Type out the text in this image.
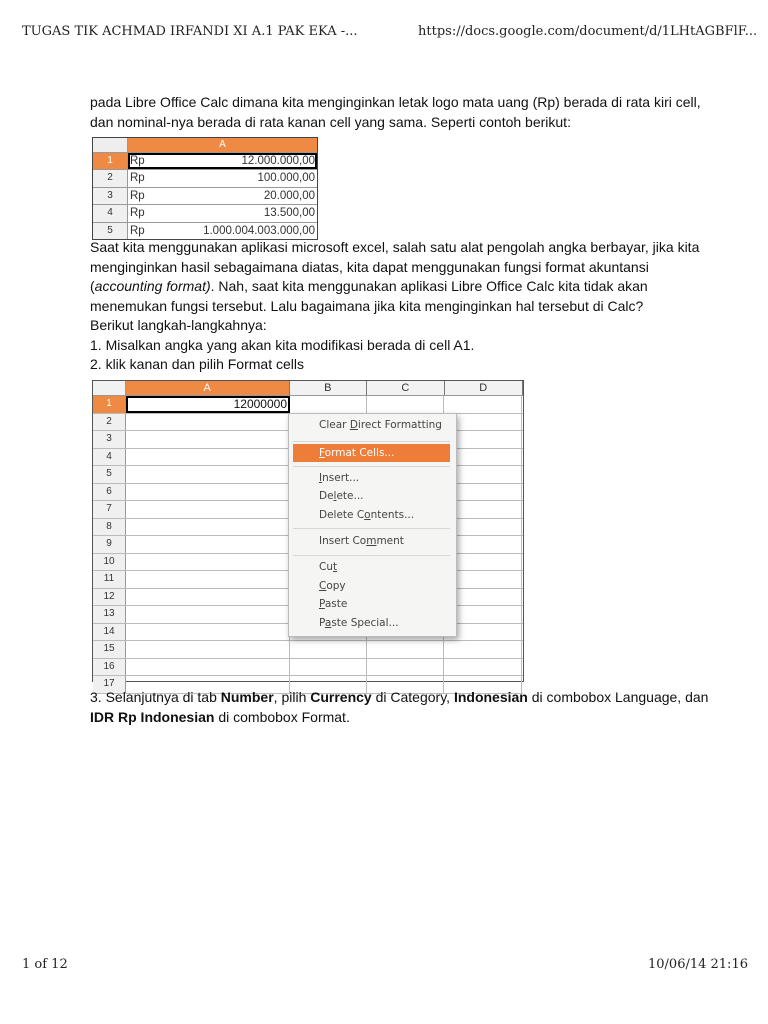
TUGAS TIK ACHMAD IRFANDI XI A.1 PAK EKA -...	https://docs.google.com/document/d/1LHtAGBFlF...

pada Libre Office Calc dimana kita menginginkan letak logo mata uang (Rp) berada di rata kiri cell, dan nominal-nya berada di rata kanan cell yang sama. Seperti contoh berikut:

A
1	Rp	12.000.000,00
2	Rp	100.000,00
3	Rp	20.000,00
4	Rp	13.500,00
5	Rp	1.000.004.003.000,00

Saat kita menggunakan aplikasi microsoft excel, salah satu alat pengolah angka berbayar, jika kita menginginkan hasil sebagaimana diatas, kita dapat menggunakan fungsi format akuntansi (accounting format). Nah, saat kita menggunakan aplikasi Libre Office Calc kita tidak akan menemukan fungsi tersebut. Lalu bagaimana jika kita menginginkan hal tersebut di Calc?

Berikut langkah-langkahnya:

1. Misalkan angka yang akan kita modifikasi berada di cell A1.

2. klik kanan dan pilih Format cells

A	B	C	D
1	12000000
2
3
4
5
6
7
8
9
10
11
12
13
14
15
16
17
Clear Direct Formatting
Format Cells...
Insert...
Delete...
Delete Contents...
Insert Comment
Cut
Copy
Paste
Paste Special...

3. Selanjutnya di tab Number, pilih Currency di Category, Indonesian di combobox Language, dan IDR Rp Indonesian di combobox Format.

1 of 12	10/06/14 21:16
